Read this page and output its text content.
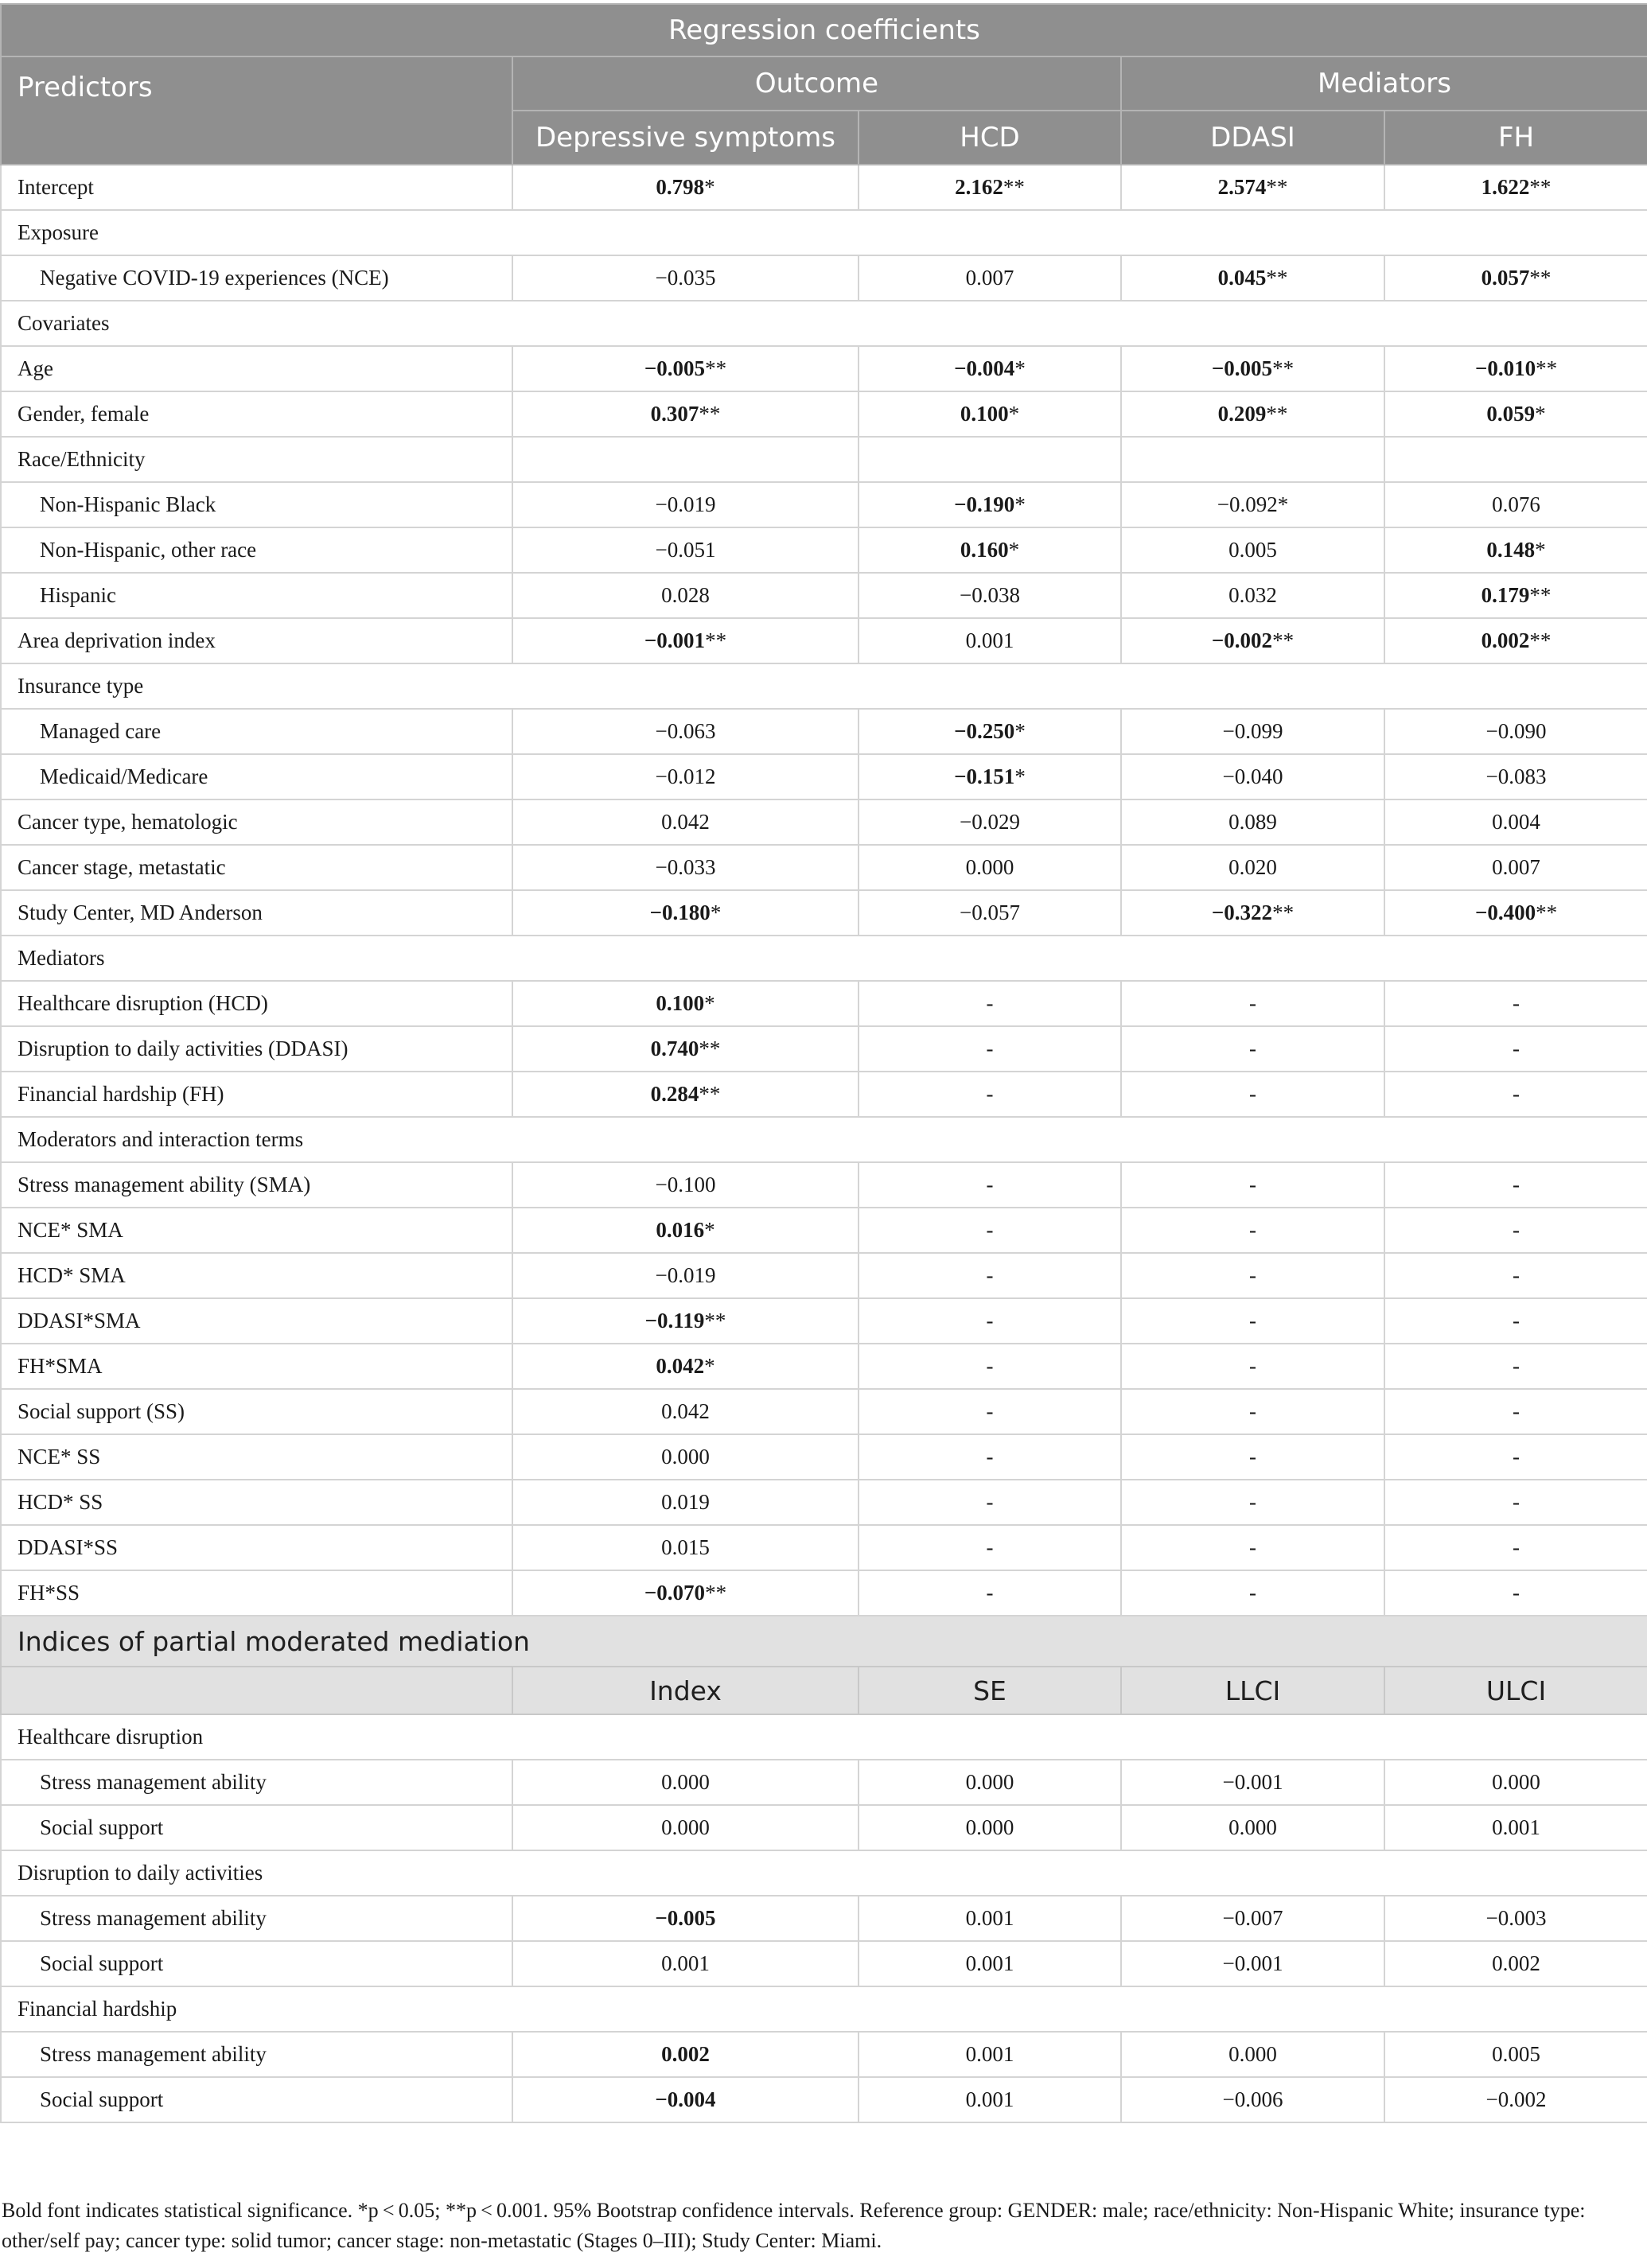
Regression coefficients				
Predictors	Outcome		Mediators	
	Depressive symptoms	HCD	DDASI	FH
Intercept	0.798*	2.162**	2.574**	1.622**
Exposure				
Negative COVID-19 experiences (NCE)	−0.035	0.007	0.045**	0.057**
Covariates				
Age	−0.005**	−0.004*	−0.005**	−0.010**
Gender, female	0.307**	0.100*	0.209**	0.059*
Race/Ethnicity				
Non-Hispanic Black	−0.019	−0.190*	−0.092*	0.076
Non-Hispanic, other race	−0.051	0.160*	0.005	0.148*
Hispanic	0.028	−0.038	0.032	0.179**
Area deprivation index	−0.001**	0.001	−0.002**	0.002**
Insurance type				
Managed care	−0.063	−0.250*	−0.099	−0.090
Medicaid/Medicare	−0.012	−0.151*	−0.040	−0.083
Cancer type, hematologic	0.042	−0.029	0.089	0.004
Cancer stage, metastatic	−0.033	0.000	0.020	0.007
Study Center, MD Anderson	−0.180*	−0.057	−0.322**	−0.400**
Mediators				
Healthcare disruption (HCD)	0.100*	-	-	-
Disruption to daily activities (DDASI)	0.740**	-	-	-
Financial hardship (FH)	0.284**	-	-	-
Moderators and interaction terms				
Stress management ability (SMA)	−0.100	-	-	-
NCE* SMA	0.016*	-	-	-
HCD* SMA	−0.019	-	-	-
DDASI*SMA	−0.119**	-	-	-
FH*SMA	0.042*	-	-	-
Social support (SS)	0.042	-	-	-
NCE* SS	0.000	-	-	-
HCD* SS	0.019	-	-	-
DDASI*SS	0.015	-	-	-
FH*SS	−0.070**	-	-	-
Indices of partial moderated mediation				
	Index	SE	LLCI	ULCI
Healthcare disruption				
Stress management ability	0.000	0.000	−0.001	0.000
Social support	0.000	0.000	0.000	0.001
Disruption to daily activities				
Stress management ability	−0.005	0.001	−0.007	−0.003
Social support	0.001	0.001	−0.001	0.002
Financial hardship				
Stress management ability	0.002	0.001	0.000	0.005
Social support	−0.004	0.001	−0.006	−0.002
Bold font indicates statistical significance. *p < 0.05; **p < 0.001. 95% Bootstrap confidence intervals. Reference group: GENDER: male; race/ethnicity: Non-Hispanic White; insurance type: other/self pay; cancer type: solid tumor; cancer stage: non-metastatic (Stages 0–III); Study Center: Miami.
